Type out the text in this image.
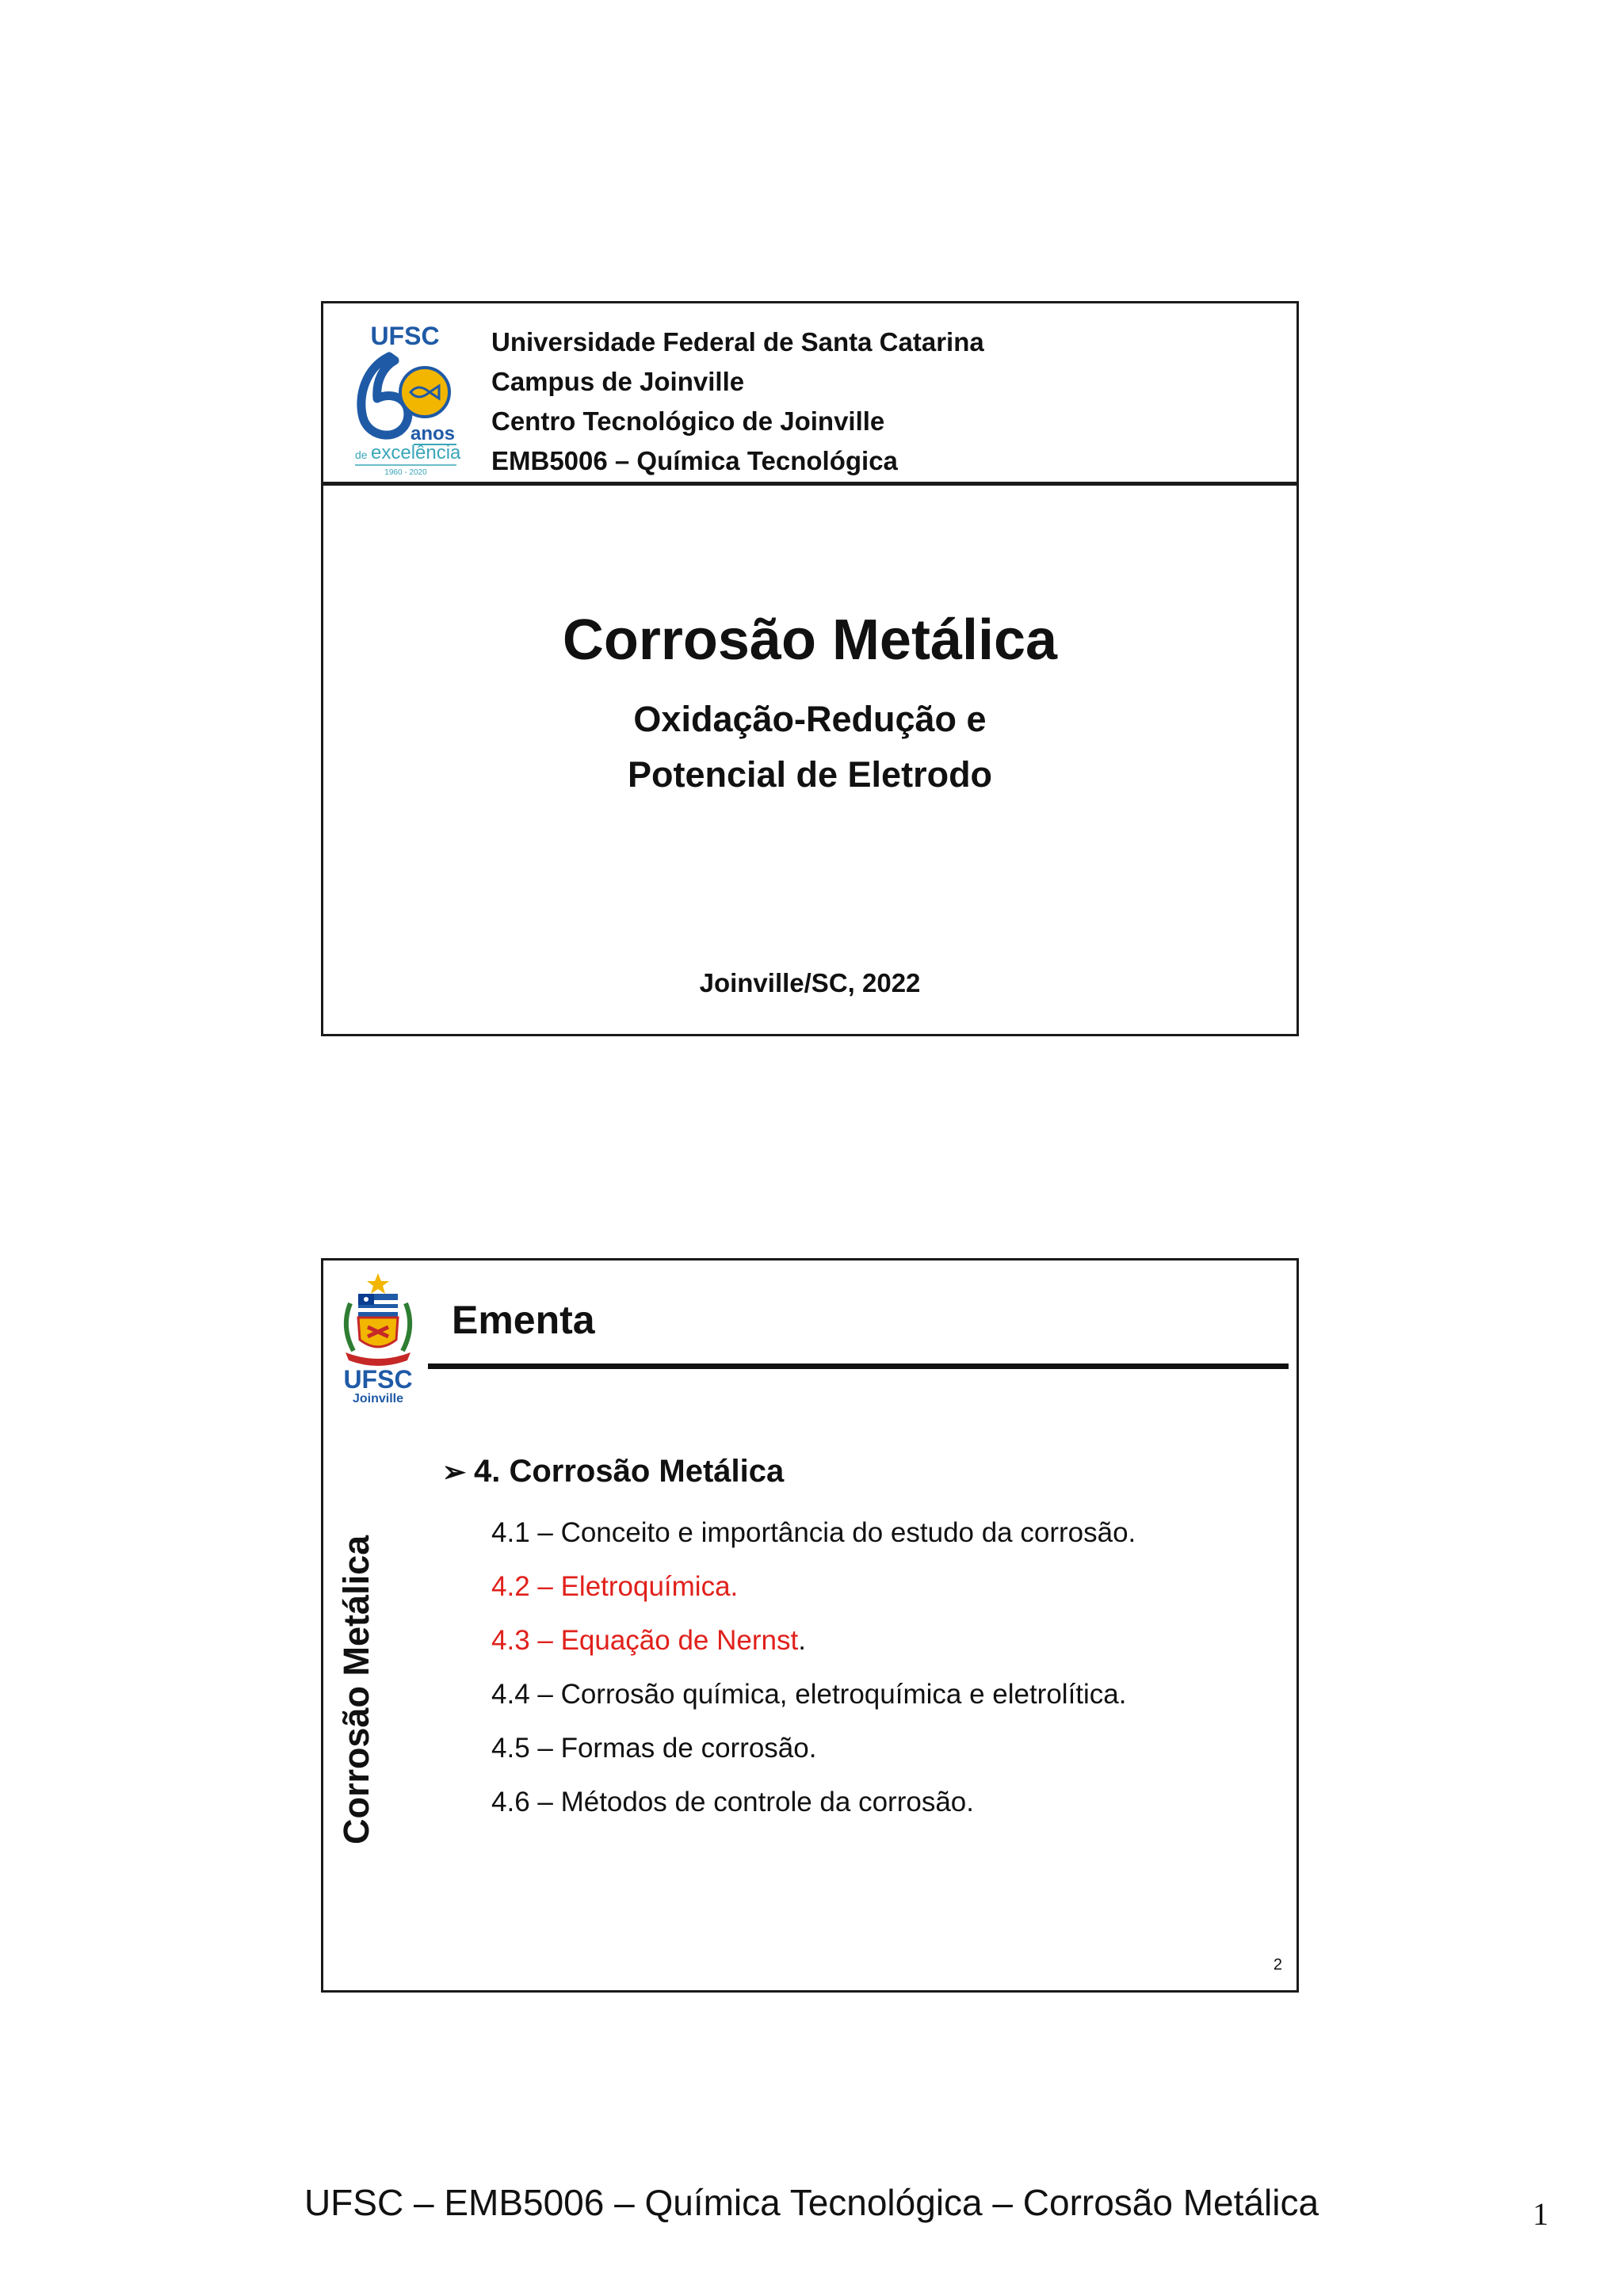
UFSC
anos
de excelência
1960 - 2020
Universidade Federal de Santa Catarina
Campus de Joinville
Centro Tecnológico de Joinville
EMB5006 – Química Tecnológica
Corrosão Metálica
Oxidação-Redução e
Potencial de Eletrodo
Joinville/SC, 2022
UFSC
Joinville
Ementa
Corrosão Metálica
➢ 4. Corrosão Metálica
4.1 – Conceito e importância do estudo da corrosão.
4.2 – Eletroquímica.
4.3 – Equação de Nernst.
4.4 – Corrosão química, eletroquímica e eletrolítica.
4.5 – Formas de corrosão.
4.6 – Métodos de controle da corrosão.
2
UFSC – EMB5006 – Química Tecnológica – Corrosão Metálica	1
